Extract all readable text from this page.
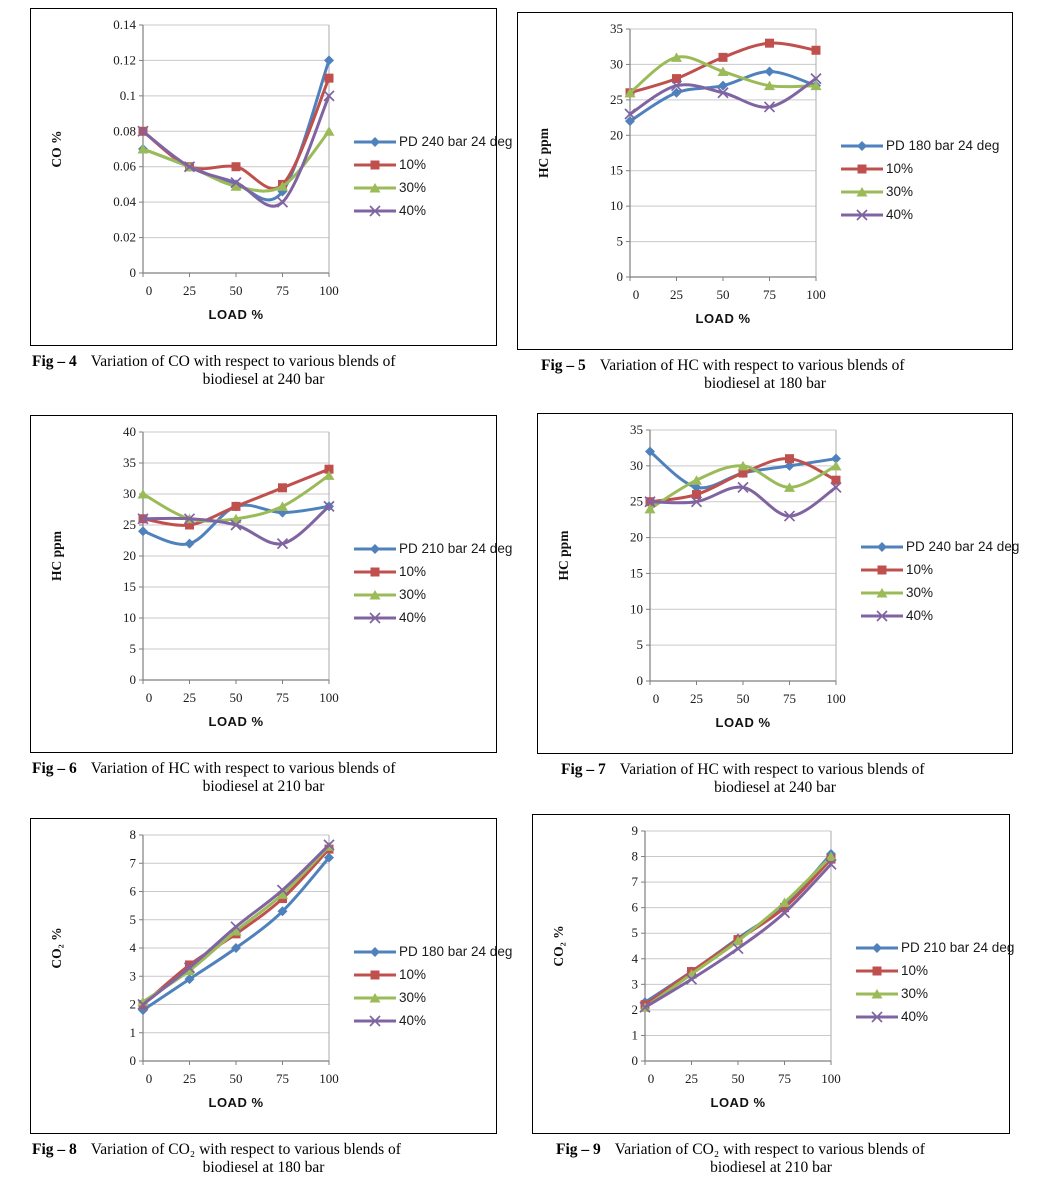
0
0.02
0.04
0.06
0.08
0.1
0.12
0.14
0 25	50	75 100
LOAD %
CO %	PD 240 bar 24 deg
10%
30%
40%
Fig – 4 Variation of CO with respect to various blends of
biodiesel at 240 bar
0
5
10
15
20
25
30
35
0 25	50	75 100
LOAD %
HC ppm	PD 180 bar 24 deg
10%
30%
40%
Fig – 5 Variation of HC with respect to various blends of
biodiesel at 180 bar
0
5
10
15
20
25
30
35
40
0 25	50	75 100
LOAD %
HC ppm	PD 210 bar 24 deg
10%
30%
40%
Fig – 6 Variation of HC with respect to various blends of
biodiesel at 210 bar
0
5
10
15
20
25
30
35
0 25	50	75 100
LOAD %
HC ppm	PD 240 bar 24 deg
10%
30%
40%
Fig – 7 Variation of HC with respect to various blends of
biodiesel at 240 bar
0
1
2
3
4
5
6
7
8
0 25	50	75 100
LOAD %
CO₂ %	PD 180 bar 24 deg
10%
30%
40%
Fig – 8 Variation of CO₂ with respect to various blends of
biodiesel at 180 bar
0
1
2
3
4
5
6
7
8
9
0 25	50	75 100
LOAD %
CO₂ %	PD 210 bar 24 deg
10%
30%
40%
Fig – 9 Variation of CO₂ with respect to various blends of
biodiesel at 210 bar
